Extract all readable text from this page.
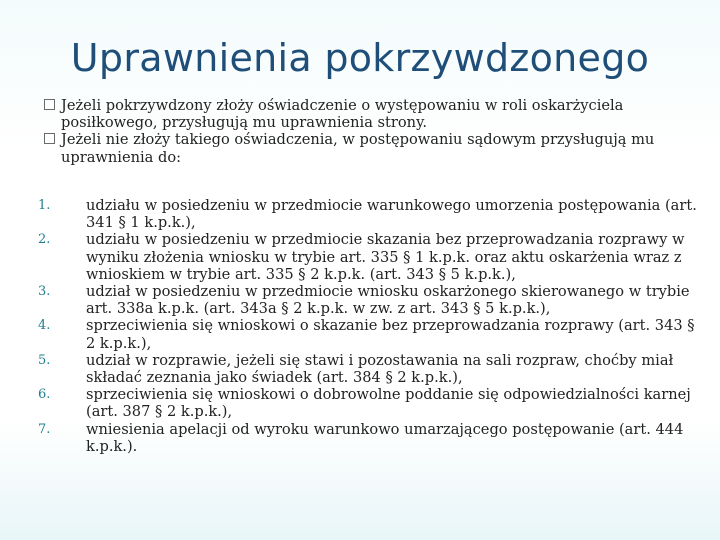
Uprawnienia pokrzywdzonego
Jeżeli pokrzywdzony złoży oświadczenie o występowaniu w roli oskarżyciela posiłkowego, przysługują mu uprawnienia strony.
Jeżeli nie złoży takiego oświadczenia, w postępowaniu sądowym przysługują mu uprawnienia do:
1.	udziału w posiedzeniu w przedmiocie warunkowego umorzenia postępowania (art. 341 § 1 k.p.k.),
2.	udziału w posiedzeniu w przedmiocie skazania bez przeprowadzania rozprawy w wyniku złożenia wniosku w trybie art. 335 § 1 k.p.k. oraz aktu oskarżenia wraz z wnioskiem w trybie art. 335 § 2 k.p.k. (art. 343 § 5 k.p.k.),
3.	udział w posiedzeniu w przedmiocie wniosku oskarżonego skierowanego w trybie art. 338a k.p.k. (art. 343a § 2 k.p.k. w zw. z art. 343 § 5 k.p.k.),
4.	sprzeciwienia się wnioskowi o skazanie bez przeprowadzania rozprawy (art. 343 § 2 k.p.k.),
5.	udział w rozprawie, jeżeli się stawi i pozostawania na sali rozpraw, choćby miał składać zeznania jako świadek (art. 384 § 2 k.p.k.),
6.	sprzeciwienia się wnioskowi o dobrowolne poddanie się odpowiedzialności karnej (art. 387 § 2 k.p.k.),
7.	wniesienia apelacji od wyroku warunkowo umarzającego postępowanie (art. 444 k.p.k.).
